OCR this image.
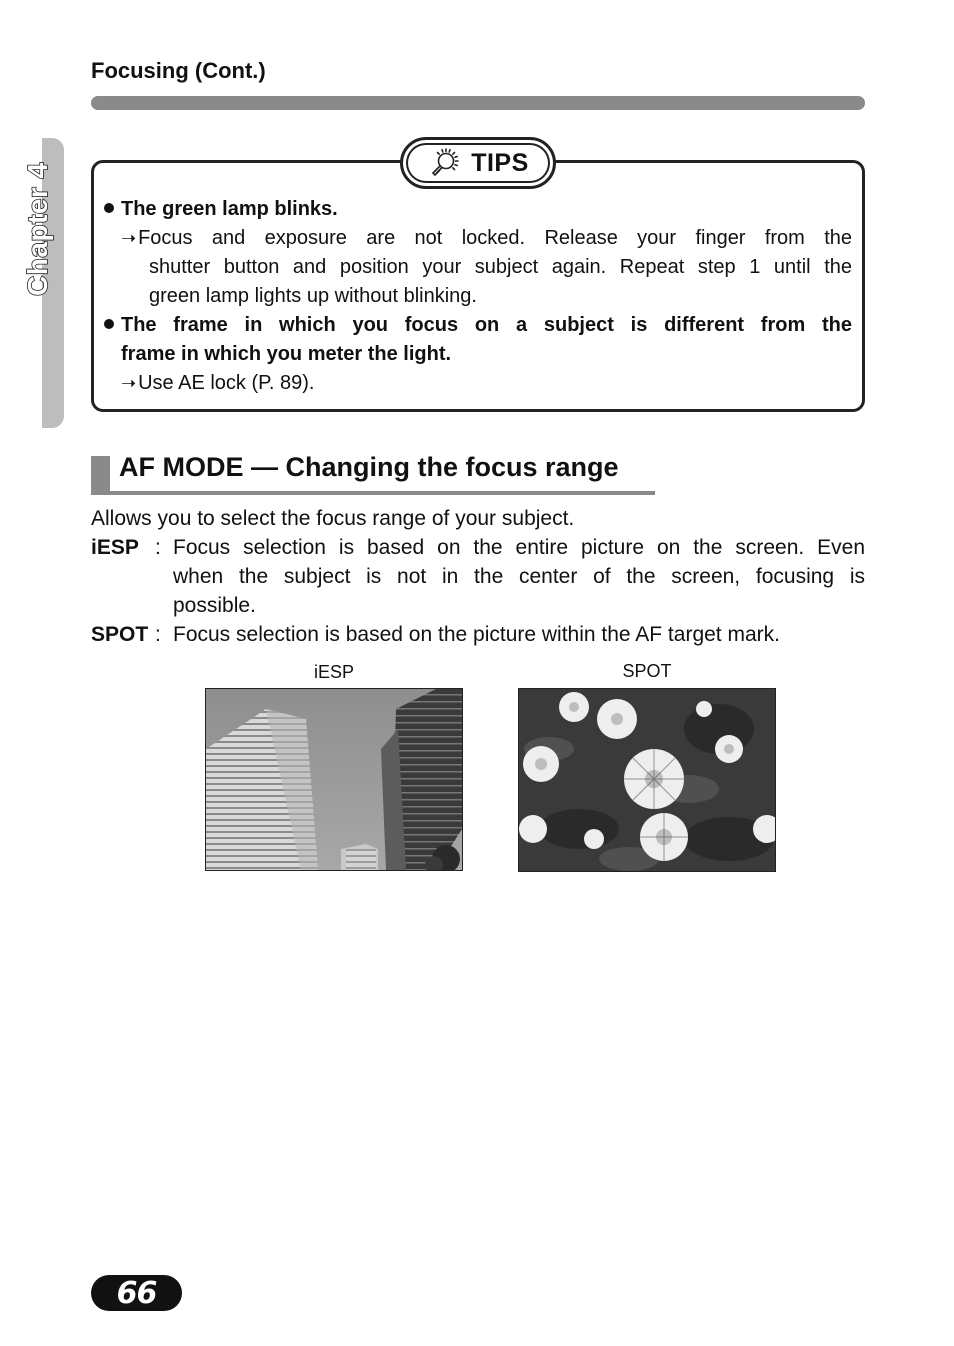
Focusing (Cont.)
Chapter 4	TIPS
The green lamp blinks.
➝ Focus and exposure are not locked. Release your finger from the
shutter button and position your subject again. Repeat step 1 until the
green lamp lights up without blinking.
The frame in which you focus on a subject is different from the
frame in which you meter the light.
➝ Use AE lock (P. 89).
AF MODE — Changing the focus range
Allows you to select the focus range of your subject.
iESP : Focus selection is based on the entire picture on the screen. Even
when the subject is not in the center of the screen, focusing is
possible.
SPOT : Focus selection is based on the picture within the AF target mark.
iESP	SPOT
66
